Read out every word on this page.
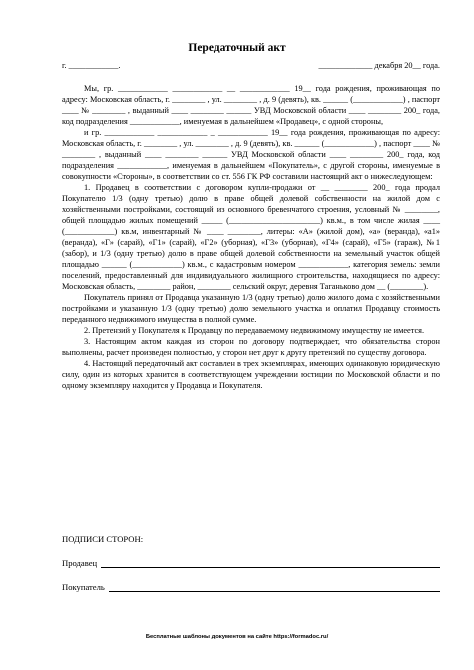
Передаточный акт
г. ____________.	_____________ декабря 20__ года.

Мы, гр. ____________ ____________ __ ____________ 19__ года рождения, проживающая по адресу: Московская область, г. ________ , ул. ________ , д. 9 (девять), кв. ______ (____________) , паспорт ____ № ________ , выданный ____ ________ ______ УВД Московской области ____ ________ 200_ года, код подразделения ____________, именуемая в дальнейшем «Продавец», с одной стороны,

и гр. ____________ ____________ _ ____________ 19__ года рождения, проживающая по адресу: Московская область, г. ________ , ул. ________ , д. 9 (девять), кв. ______ (____________) , паспорт ____ № ________ , выданный ____ ________ ______ УВД Московской области ____ ________ 200_ года, код подразделения ____________, именуемая в дальнейшем «Покупатель», с другой стороны, именуемые в совокупности «Стороны», в соответствии со ст. 556 ГК РФ составили настоящий акт о нижеследующем:

1. Продавец в соответствии с договором купли-продажи от __ ________ 200_ года продал Покупателю 1/3 (одну третью) долю в праве общей долевой собственности на жилой дом с хозяйственными постройками, состоящий из основного бревенчатого строения, условный № ________, общей площадью жилых помещений _____ (______________________) кв.м., в том числе жилая ____ (____________) кв.м, инвентарный № ____ ________, литеры: «А» (жилой дом), «а» (веранда), «а1» (веранда), «Г» (сарай), «Г1» (сарай), «Г2» (уборная), «Г3» (уборная), «Г4» (сарай), «Г5» (гараж), №1 (забор), и 1/3 (одну третью) долю в праве общей долевой собственности на земельный участок общей площадью ______ (____________) кв.м., с кадастровым номером ____________, категория земель: земли поселений, предоставленный для индивидуального жилищного строительства, находящиеся по адресу: Московская область, ________ район, ________ сельский округ, деревня Таганьково дом __ (________).

Покупатель принял от Продавца указанную 1/3 (одну третью) долю жилого дома с хозяйственными постройками и указанную 1/3 (одну третью) долю земельного участка и оплатил Продавцу стоимость переданного недвижимого имущества в полной сумме.

2. Претензий у Покупателя к Продавцу по передаваемому недвижимому имуществу не имеется.

3. Настоящим актом каждая из сторон по договору подтверждает, что обязательства сторон выполнены, расчет произведен полностью, у сторон нет друг к другу претензий по существу договора.

4. Настоящий передаточный акт составлен в трех экземплярах, имеющих одинаковую юридическую силу, один из которых хранится в соответствующем учреждении юстиции по Московской области и по одному экземпляру находится у Продавца и Покупателя.

ПОДПИСИ СТОРОН:
Продавец
Покупатель
Бесплатные шаблоны документов на сайте https://formadoc.ru/
